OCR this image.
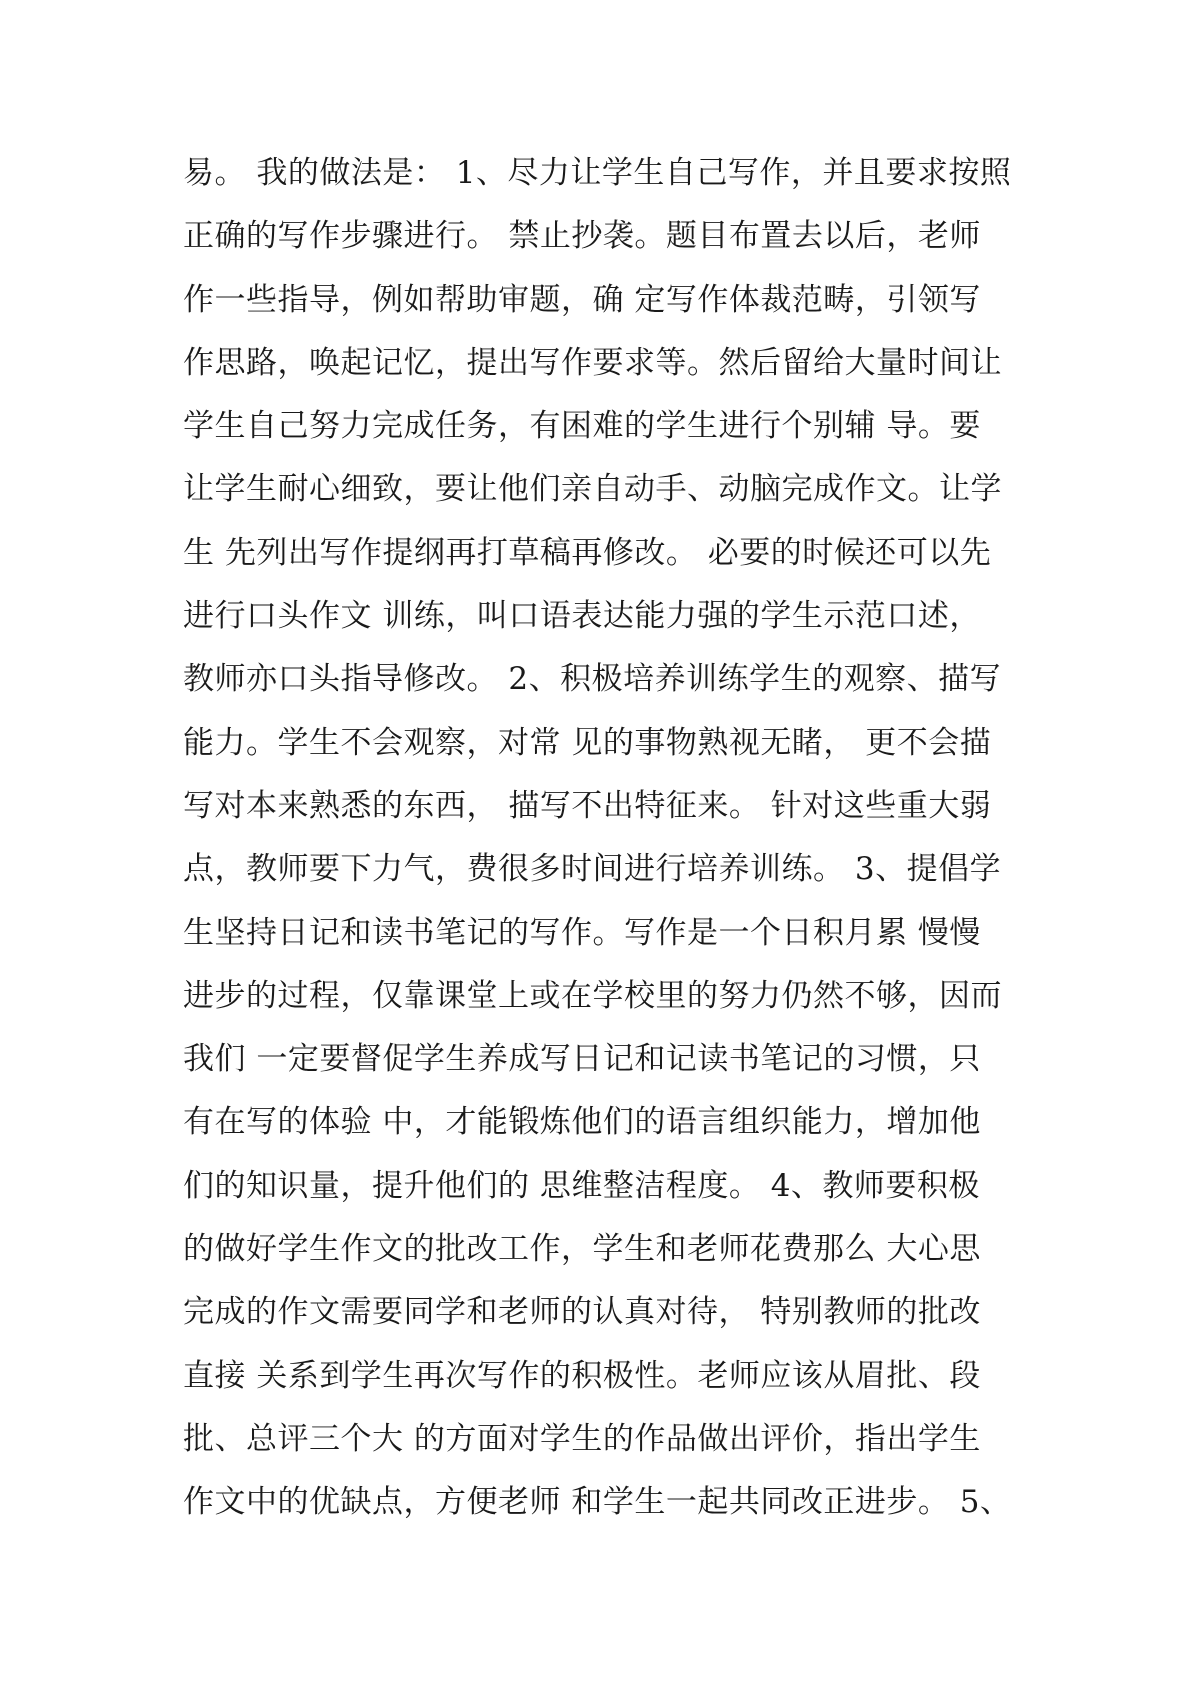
易。 我的做法是： 1、尽力让学生自己写作，并且要求按照
正确的写作步骤进行。 禁止抄袭。题目布置去以后，老师
作一些指导，例如帮助审题，确 定写作体裁范畴，引领写
作思路，唤起记忆，提出写作要求等。然后留给大量时间让
学生自己努力完成任务，有困难的学生进行个别辅 导。要
让学生耐心细致，要让他们亲自动手、动脑完成作文。让学
生 先列出写作提纲再打草稿再修改。 必要的时候还可以先
进行口头作文 训练，叫口语表达能力强的学生示范口述，
教师亦口头指导修改。 2、积极培养训练学生的观察、描写
能力。学生不会观察，对常 见的事物熟视无睹， 更不会描
写对本来熟悉的东西， 描写不出特征来。 针对这些重大弱
点，教师要下力气，费很多时间进行培养训练。 3、提倡学
生坚持日记和读书笔记的写作。写作是一个日积月累 慢慢
进步的过程，仅靠课堂上或在学校里的努力仍然不够，因而
我们 一定要督促学生养成写日记和记读书笔记的习惯，只
有在写的体验 中，才能锻炼他们的语言组织能力，增加他
们的知识量，提升他们的 思维整洁程度。 4、教师要积极
的做好学生作文的批改工作，学生和老师花费那么 大心思
完成的作文需要同学和老师的认真对待， 特别教师的批改
直接 关系到学生再次写作的积极性。老师应该从眉批、段
批、总评三个大 的方面对学生的作品做出评价，指出学生
作文中的优缺点，方便老师 和学生一起共同改正进步。 5、
